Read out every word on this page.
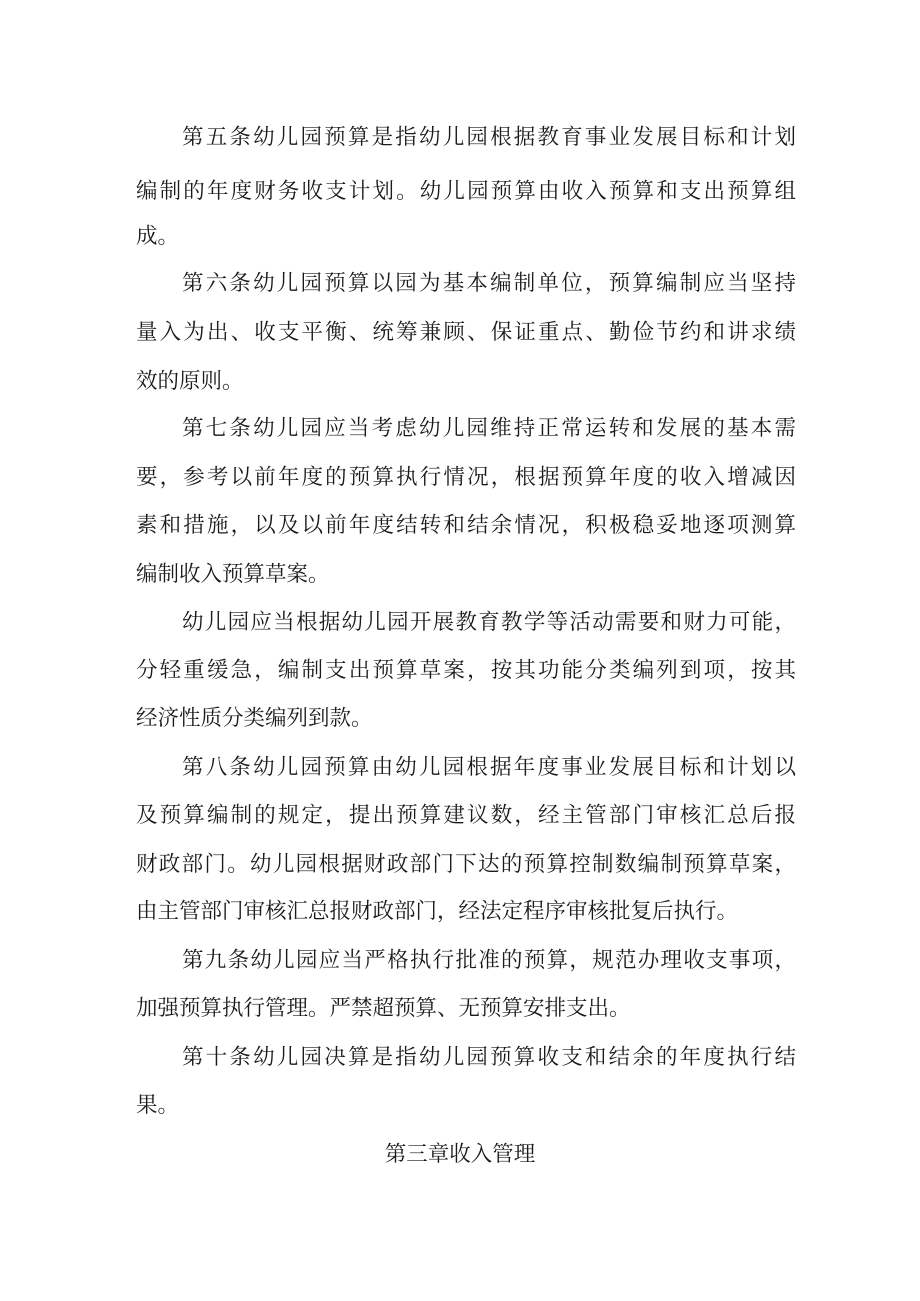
第五条幼儿园预算是指幼儿园根据教育事业发展目标和计划
编制的年度财务收支计划。幼儿园预算由收入预算和支出预算组
成。
第六条幼儿园预算以园为基本编制单位，预算编制应当坚持
量入为出、收支平衡、统筹兼顾、保证重点、勤俭节约和讲求绩
效的原则。
第七条幼儿园应当考虑幼儿园维持正常运转和发展的基本需
要，参考以前年度的预算执行情况，根据预算年度的收入增减因
素和措施，以及以前年度结转和结余情况，积极稳妥地逐项测算
编制收入预算草案。
幼儿园应当根据幼儿园开展教育教学等活动需要和财力可能，
分轻重缓急，编制支出预算草案，按其功能分类编列到项，按其
经济性质分类编列到款。
第八条幼儿园预算由幼儿园根据年度事业发展目标和计划以
及预算编制的规定，提出预算建议数，经主管部门审核汇总后报
财政部门。幼儿园根据财政部门下达的预算控制数编制预算草案，
由主管部门审核汇总报财政部门，经法定程序审核批复后执行。
第九条幼儿园应当严格执行批准的预算，规范办理收支事项，
加强预算执行管理。严禁超预算、无预算安排支出。
第十条幼儿园决算是指幼儿园预算收支和结余的年度执行结
果。
第三章收入管理
